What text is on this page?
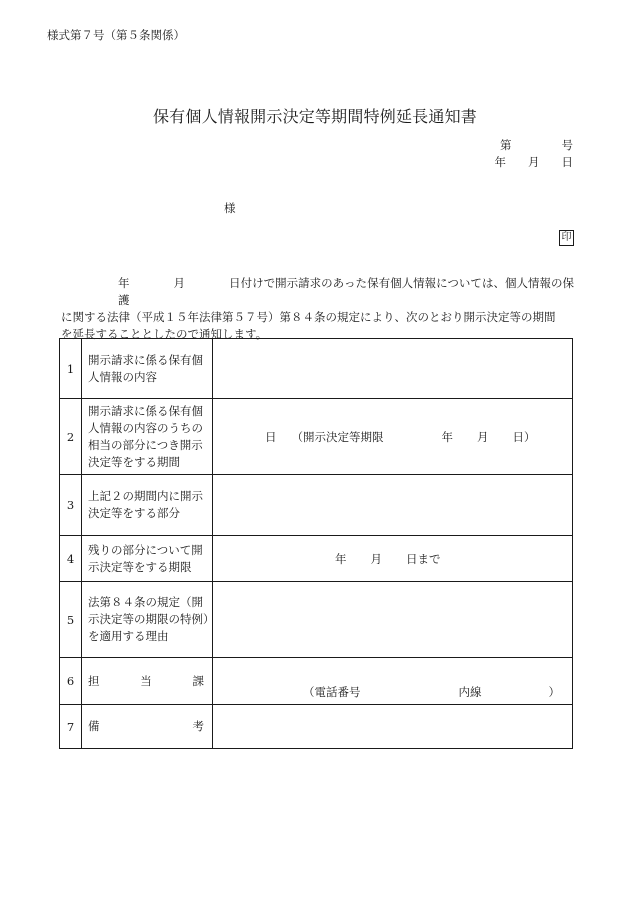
様式第７号（第５条関係）
保有個人情報開示決定等期間特例延長通知書
第	号
年 月 日
様
印

年	月	日付けで開示請求のあった保有個人情報については、個人情報の保護

に関する法律（平成１５年法律第５７号）第８４条の規定により、次のとおり開示決定等の期間

を延長することとしたので通知します。

1	開示請求に係る保有個人情報の内容	
2	開示請求に係る保有個人情報の内容のうちの相当の部分につき開示決定等をする期間	日 （開示決定等期限 年 月 日）

3	上記２の期間内に開示決定等をする部分	
4	残りの部分について開示決定等をする期限	年 月 日まで

5	法第８４条の規定（開示決定等の期限の特例）を適用する理由	
6	担 当 課	（電話番号 内線 ）

7	備 考	
